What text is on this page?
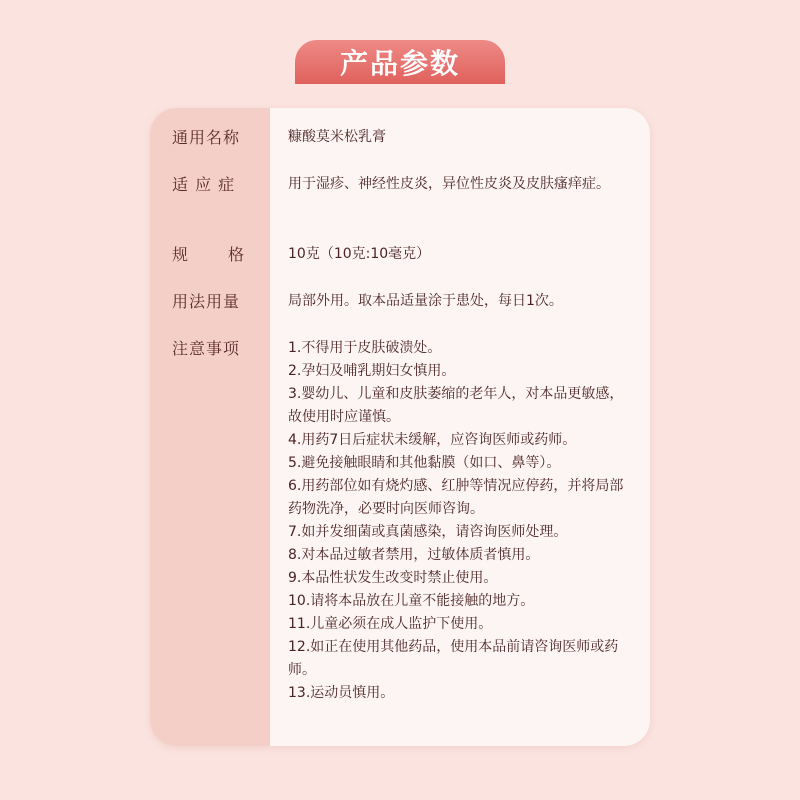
产品参数
通用名称	糠酸莫米松乳膏
适 应 症	用于湿疹、神经性皮炎，异位性皮炎及皮肤瘙痒症。
规 格	10克（10克:10毫克）
用法用量	局部外用。取本品适量涂于患处，每日1次。
注意事项	1.不得用于皮肤破溃处。

2.孕妇及哺乳期妇女慎用。

3.婴幼儿、儿童和皮肤萎缩的老年人，对本品更敏感，故使用时应谨慎。

4.用药7日后症状未缓解，应咨询医师或药师。

5.避免接触眼睛和其他黏膜（如口、鼻等）。

6.用药部位如有烧灼感、红肿等情况应停药，并将局部药物洗净，必要时向医师咨询。

7.如并发细菌或真菌感染，请咨询医师处理。

8.对本品过敏者禁用，过敏体质者慎用。

9.本品性状发生改变时禁止使用。

10.请将本品放在儿童不能接触的地方。

11.儿童必须在成人监护下使用。

12.如正在使用其他药品，使用本品前请咨询医师或药师。

13.运动员慎用。
